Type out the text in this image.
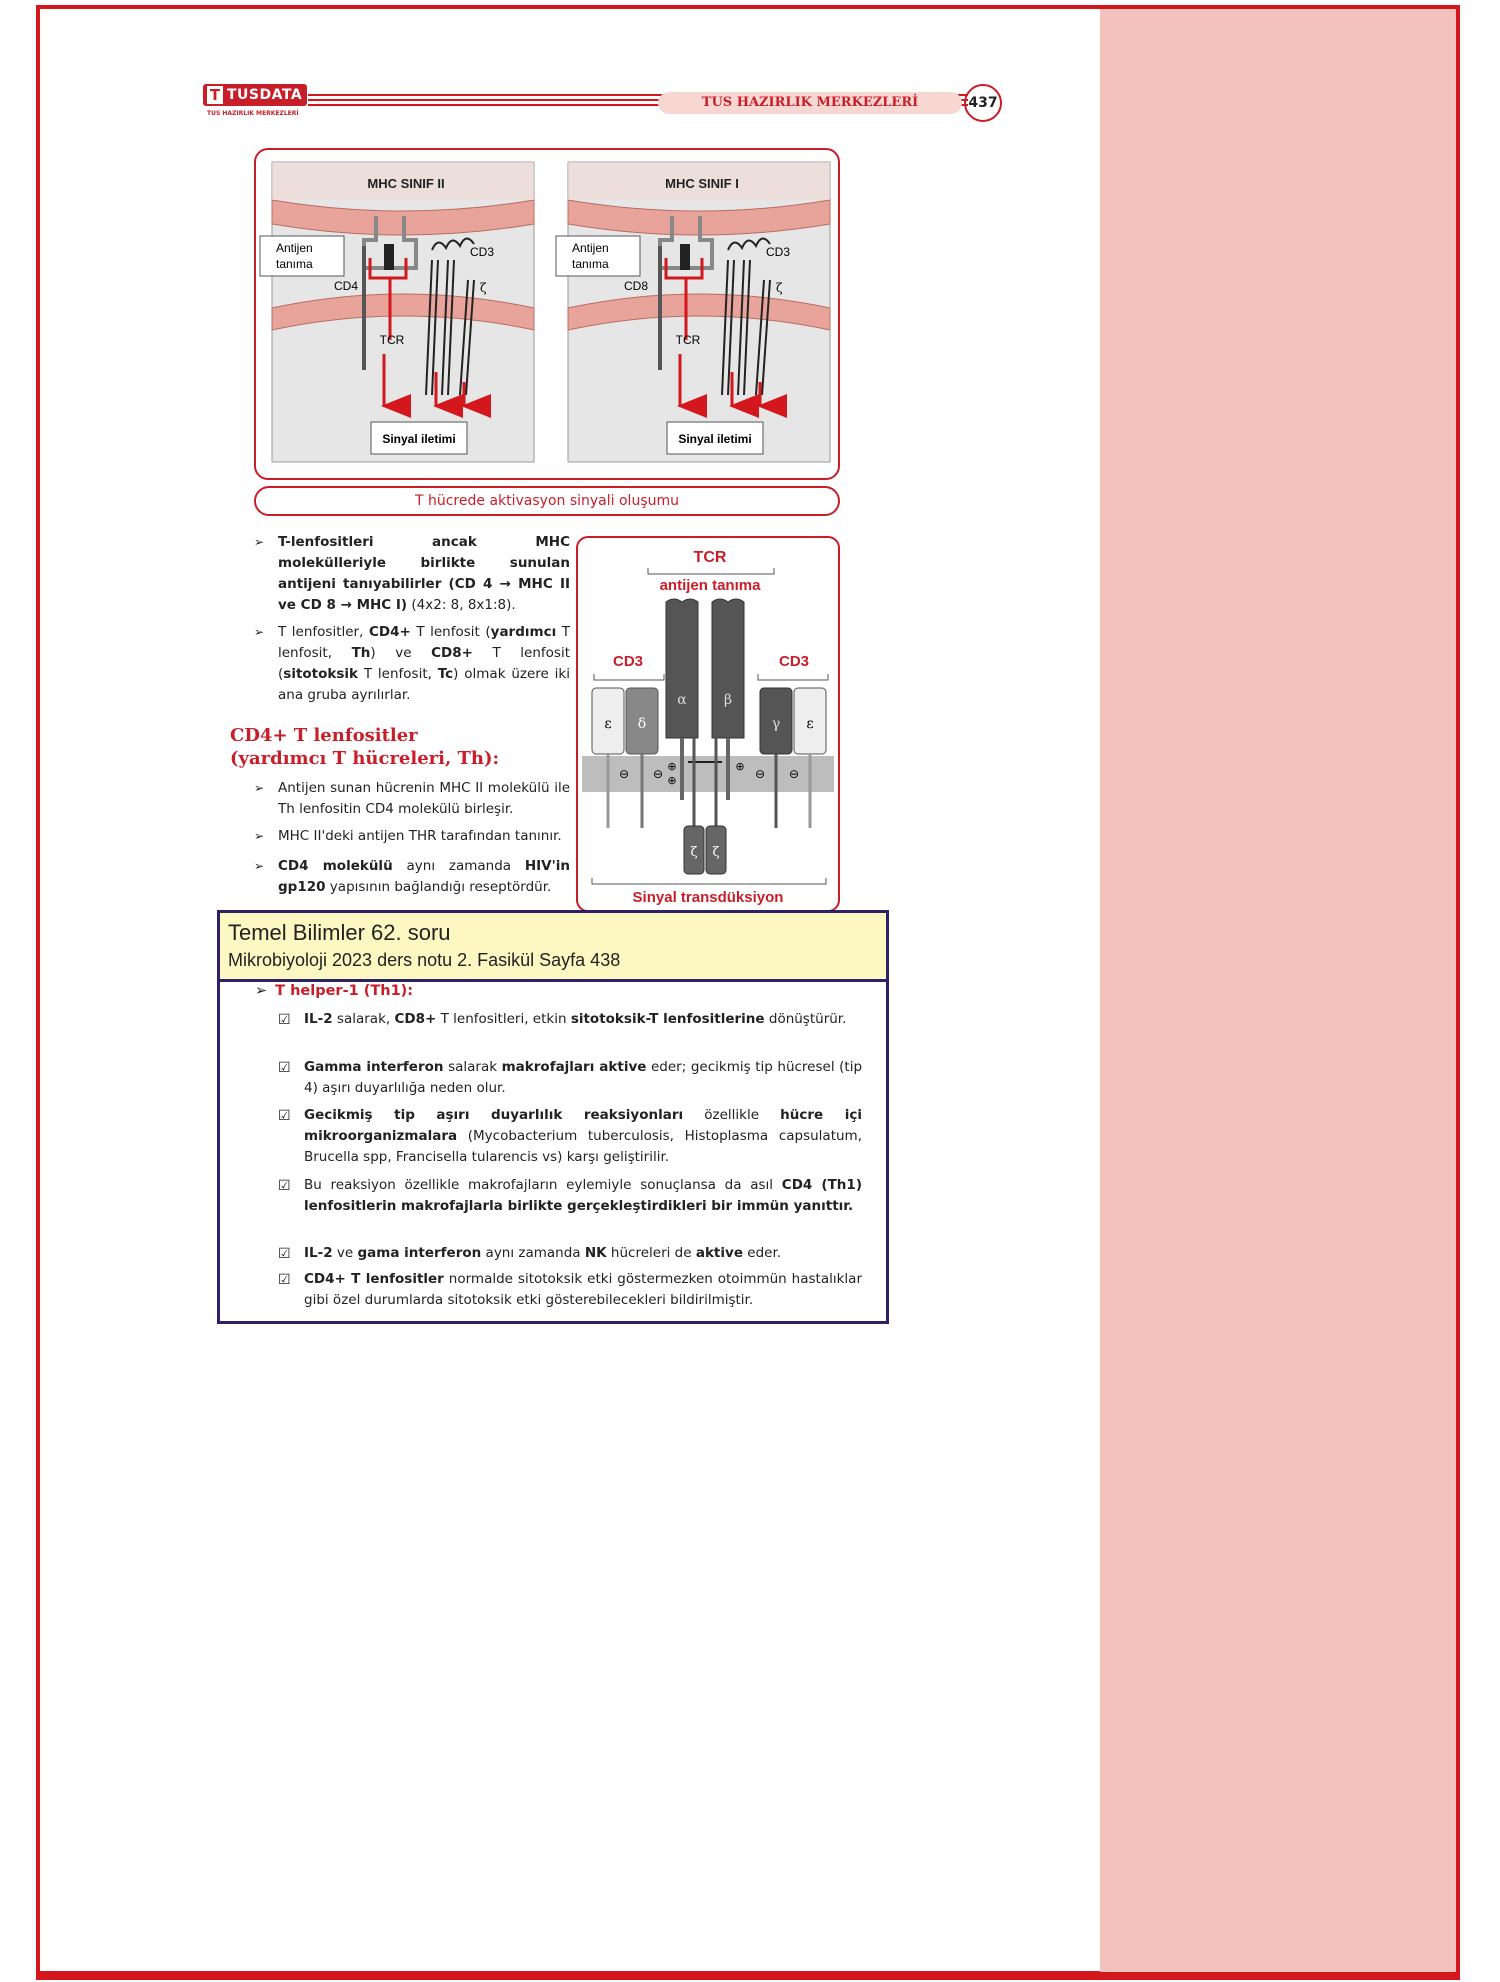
T TUSDATA
TUS HAZIRLIK MERKEZLERİ
TUS HAZIRLIK MERKEZLERİ	437
MHC SINIF II
Antijen
tanıma
CD4
CD3
ζ
TCR
Sinyal iletimi
MHC SINIF I
Antijen
tanıma
CD8
CD3
ζ
TCR
Sinyal iletimi
T hücrede aktivasyon sinyali oluşumu
➢ T-lenfositleri ancak MHC molekülleriyle birlikte sunulan antijeni tanıyabilirler (CD 4 → MHC II ve CD 8 → MHC I) (4x2: 8, 8x1:8).
➢ T lenfositler, CD4+ T lenfosit (yardımcı T lenfosit, Th) ve CD8+ T lenfosit (sitotoksik T lenfosit, Tc) olmak üzere iki ana gruba ayrılırlar.
CD4+ T lenfositler
(yardımcı T hücreleri, Th):
➢ Antijen sunan hücrenin MHC II molekülü ile Th lenfositin CD4 molekülü birleşir.
➢ MHC II'deki antijen THR tarafından tanınır.
➢ CD4 molekülü aynı zamanda HIV'in gp120 yapısının bağlandığı reseptördür.
TCR
antijen tanıma
CD3	CD3
α	β
ε δ	γ ε
⊖ ⊖
⊕
⊕
⊕
⊖ ⊖
ζ ζ
Sinyal transdüksiyon
Temel Bilimler 62. soru
Mikrobiyoloji 2023 ders notu 2. Fasikül Sayfa 438
➢ T helper-1 (Th1):
☑ IL-2 salarak, CD8+ T lenfositleri, etkin sitotoksik-T lenfositlerine dönüştürür.
☑ Gamma interferon salarak makrofajları aktive eder; gecikmiş tip hücresel (tip 4) aşırı duyarlılığa neden olur.
☑ Gecikmiş tip aşırı duyarlılık reaksiyonları özellikle hücre içi mikroorganizmalara (Mycobacterium tuberculosis, Histoplasma capsulatum, Brucella spp, Francisella tularencis vs) karşı geliştirilir.
☑ Bu reaksiyon özellikle makrofajların eylemiyle sonuçlansa da asıl CD4 (Th1) lenfositlerin makrofajlarla birlikte gerçekleştirdikleri bir immün yanıttır.
☑ IL-2 ve gama interferon aynı zamanda NK hücreleri de aktive eder.
☑ CD4+ T lenfositler normalde sitotoksik etki göstermezken otoimmün hastalıklar gibi özel durumlarda sitotoksik etki gösterebilecekleri bildirilmiştir.
